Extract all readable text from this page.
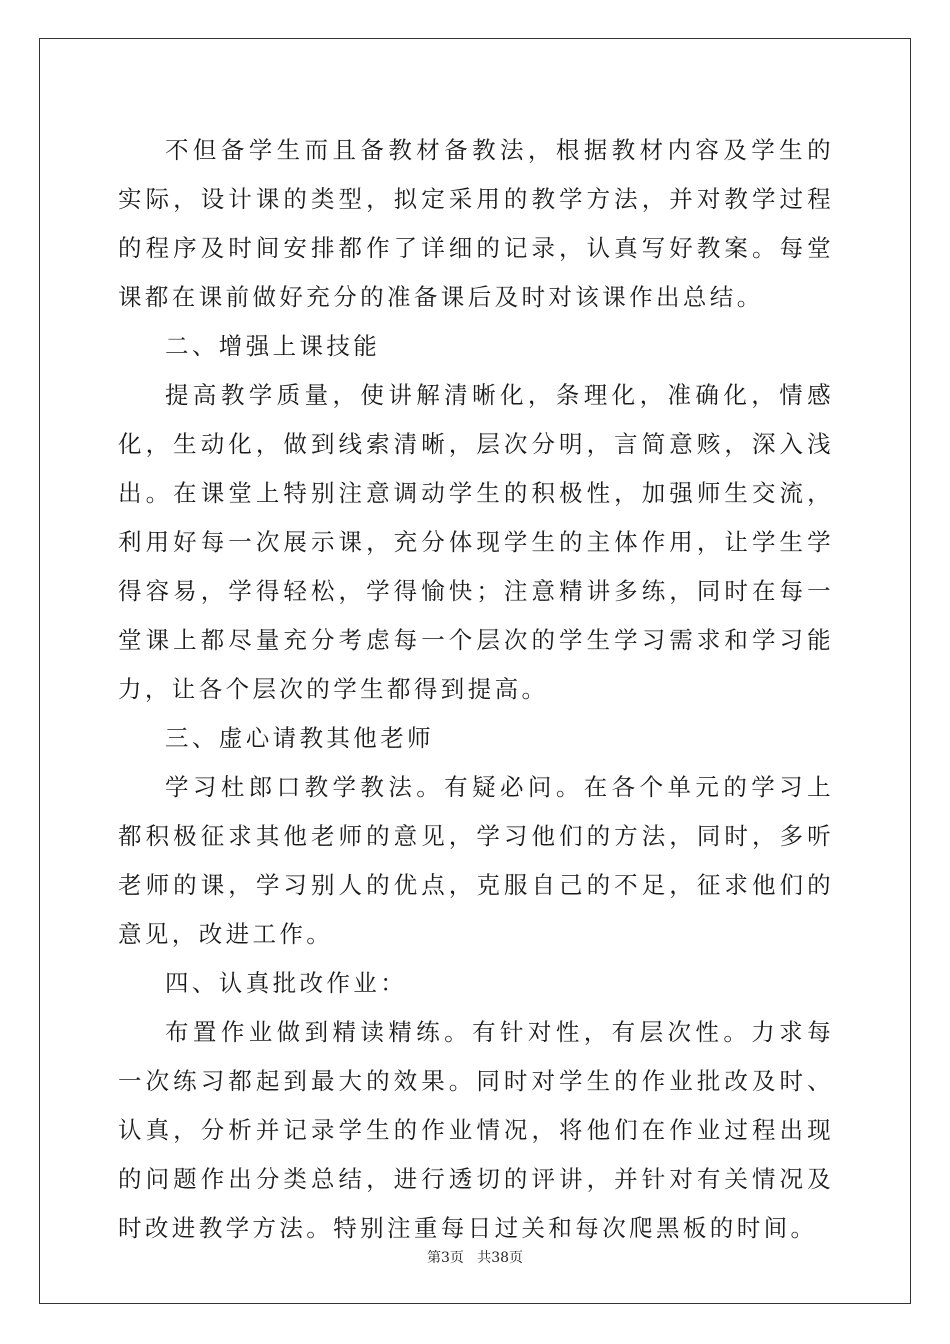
不但备学生而且备教材备教法，根据教材内容及学生的实际，设计课的类型，拟定采用的教学方法，并对教学过程的程序及时间安排都作了详细的记录，认真写好教案。每堂课都在课前做好充分的准备课后及时对该课作出总结。

二、增强上课技能

提高教学质量，使讲解清晰化，条理化，准确化，情感化，生动化，做到线索清晰，层次分明，言简意赅，深入浅出。在课堂上特别注意调动学生的积极性，加强师生交流，利用好每一次展示课，充分体现学生的主体作用，让学生学得容易，学得轻松，学得愉快；注意精讲多练，同时在每一堂课上都尽量充分考虑每一个层次的学生学习需求和学习能力，让各个层次的学生都得到提高。

三、虚心请教其他老师

学习杜郎口教学教法。有疑必问。在各个单元的学习上都积极征求其他老师的意见，学习他们的方法，同时，多听老师的课，学习别人的优点，克服自己的不足，征求他们的意见，改进工作。

四、认真批改作业：

布置作业做到精读精练。有针对性，有层次性。力求每一次练习都起到最大的效果。同时对学生的作业批改及时、认真，分析并记录学生的作业情况，将他们在作业过程出现的问题作出分类总结，进行透切的评讲，并针对有关情况及时改进教学方法。特别注重每日过关和每次爬黑板的时间。

第3页 共38页
